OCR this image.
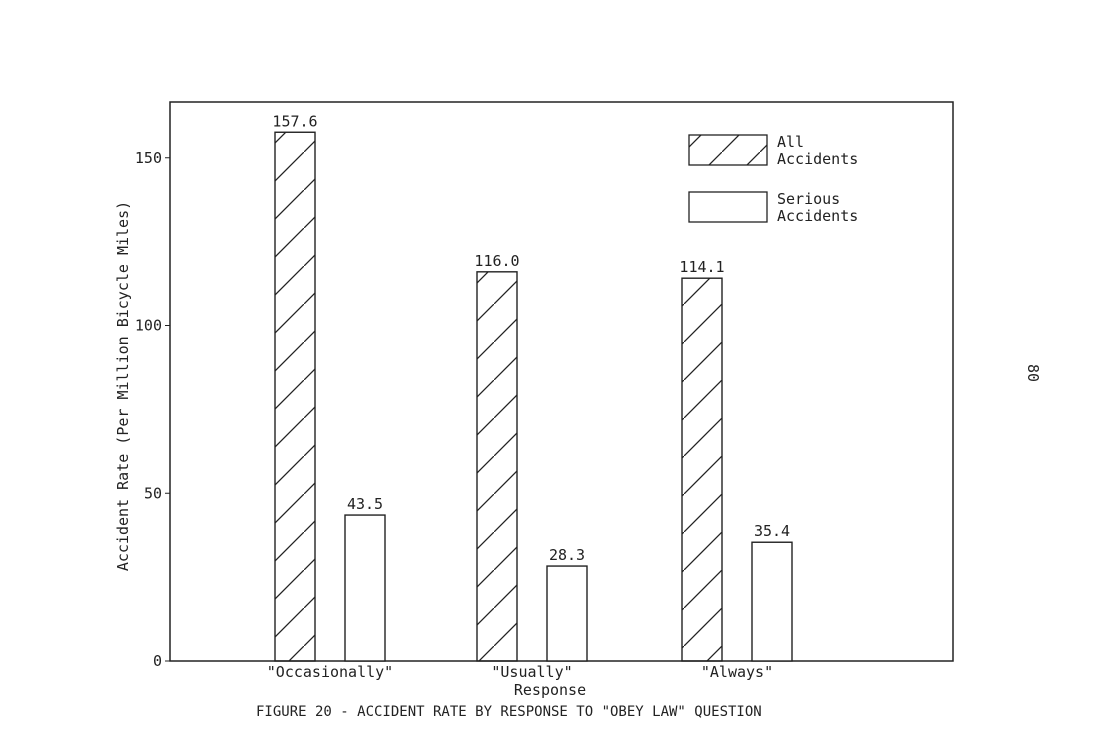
0
50
100
150
Accident Rate (Per Million Bicycle Miles)
157.6
43.5
"Occasionally"
116.0
28.3
"Usually"
114.1
35.4
"Always"
Response
All
Accidents
Serious
Accidents
80
FIGURE 20 - ACCIDENT RATE BY RESPONSE TO "OBEY LAW" QUESTION
